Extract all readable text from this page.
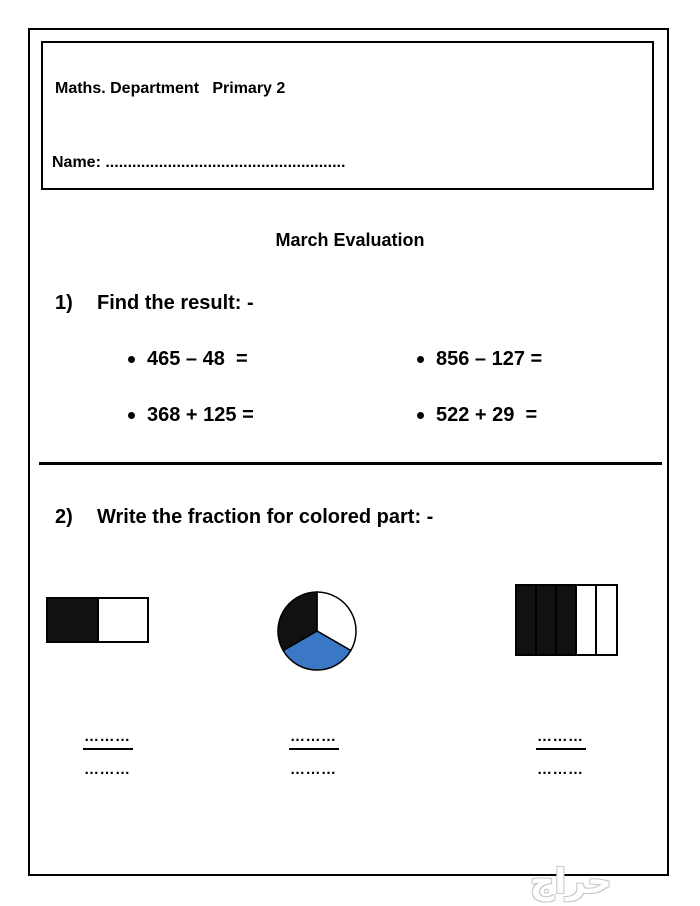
Maths. Department   Primary 2
Name: ......................................................
March Evaluation
1) Find the result: -
465 – 48  =	856 – 127 =
368 + 125 =	522 + 29  =
2) Write the fraction for colored part: -
………
………
………
………
………
………
حراج
